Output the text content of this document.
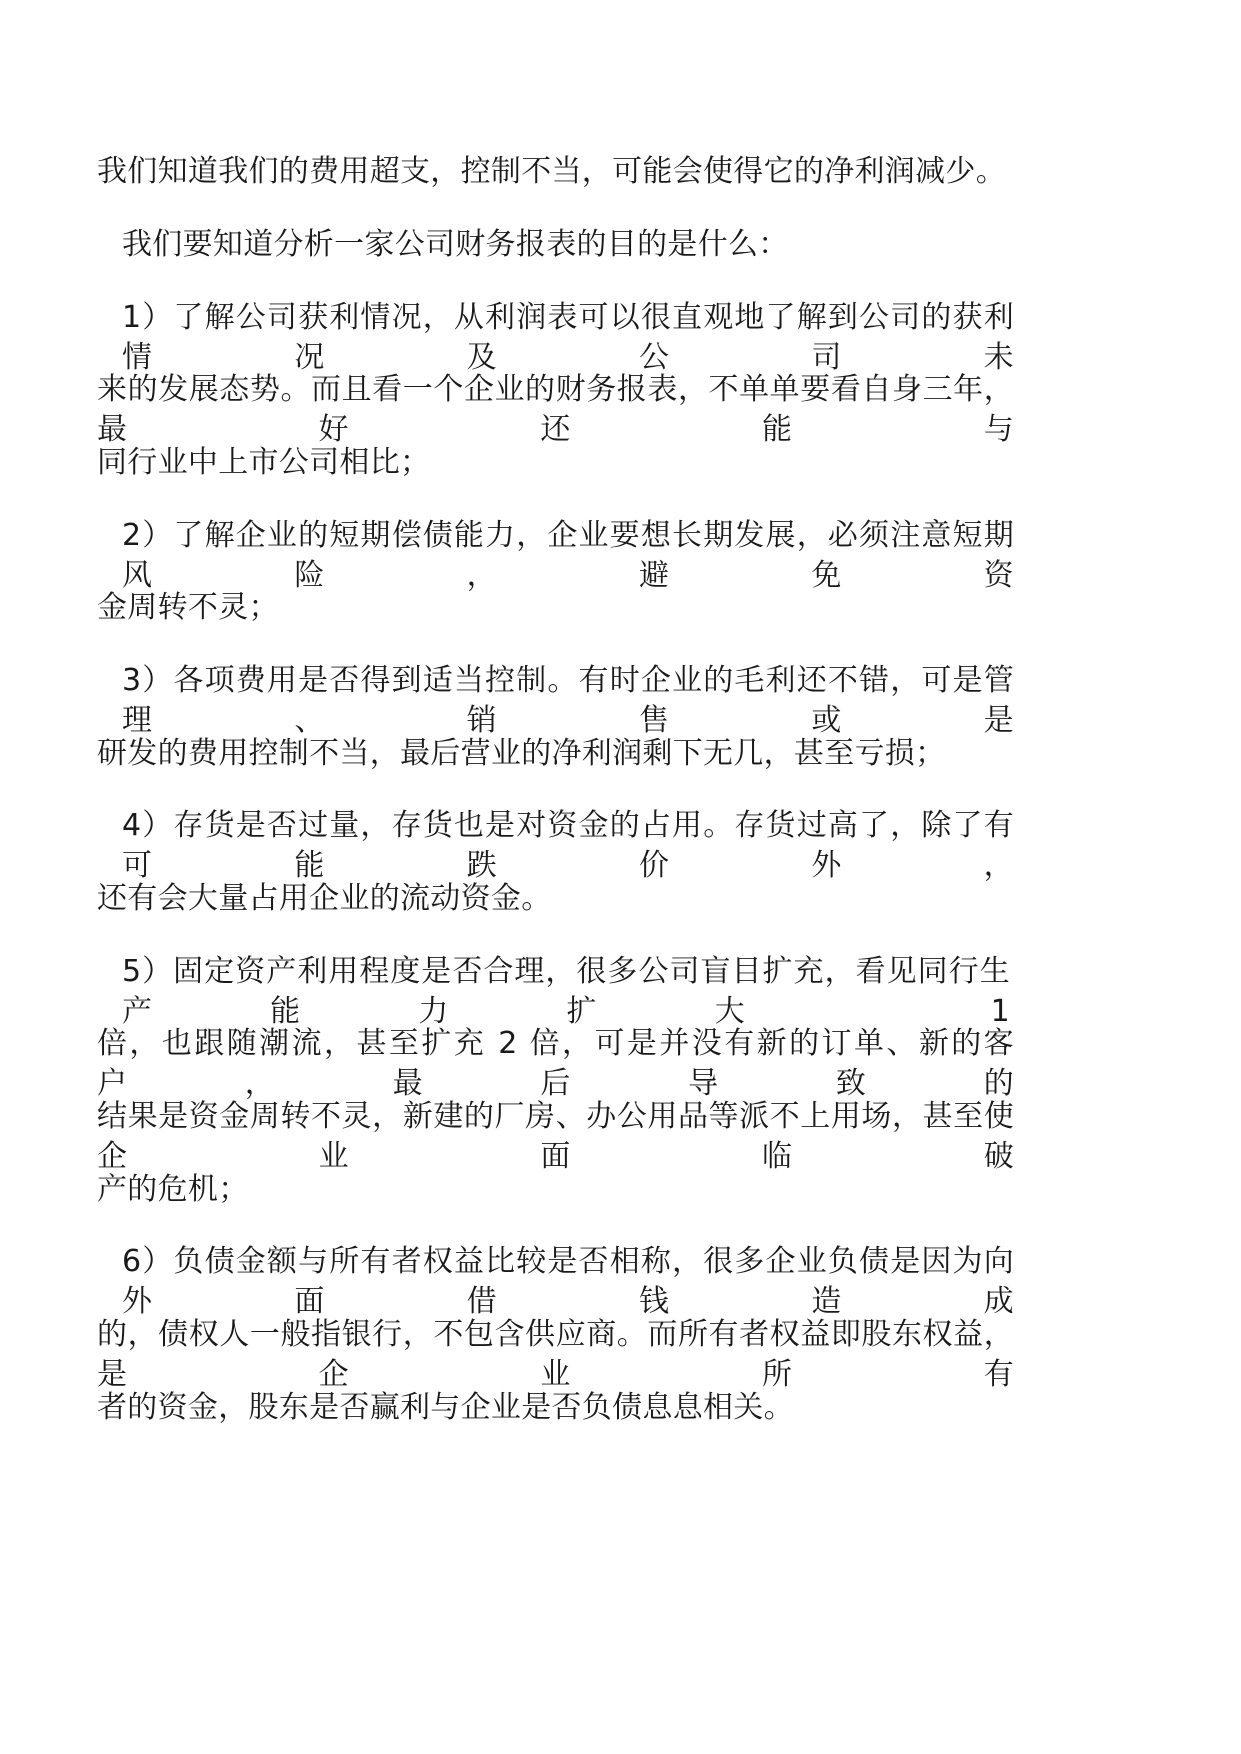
我们知道我们的费用超支，控制不当，可能会使得它的净利润减少。
我们要知道分析一家公司财务报表的目的是什么：
1）了解公司获利情况，从利润表可以很直观地了解到公司的获利情况及公司未
来的发展态势。而且看一个企业的财务报表，不单单要看自身三年，最好还能与
同行业中上市公司相比；
2）了解企业的短期偿债能力，企业要想长期发展，必须注意短期风险，避免资
金周转不灵；
3）各项费用是否得到适当控制。有时企业的毛利还不错，可是管理、销售或是
研发的费用控制不当，最后营业的净利润剩下无几，甚至亏损；
4）存货是否过量，存货也是对资金的占用。存货过高了，除了有可能跌价外，
还有会大量占用企业的流动资金。
5）固定资产利用程度是否合理，很多公司盲目扩充，看见同行生产能力扩大 1
倍，也跟随潮流，甚至扩充 2 倍，可是并没有新的订单、新的客户，最后导致的
结果是资金周转不灵，新建的厂房、办公用品等派不上用场，甚至使企业面临破
产的危机；
6）负债金额与所有者权益比较是否相称，很多企业负债是因为向外面借钱造成
的，债权人一般指银行，不包含供应商。而所有者权益即股东权益，是企业所有
者的资金，股东是否赢利与企业是否负债息息相关。
